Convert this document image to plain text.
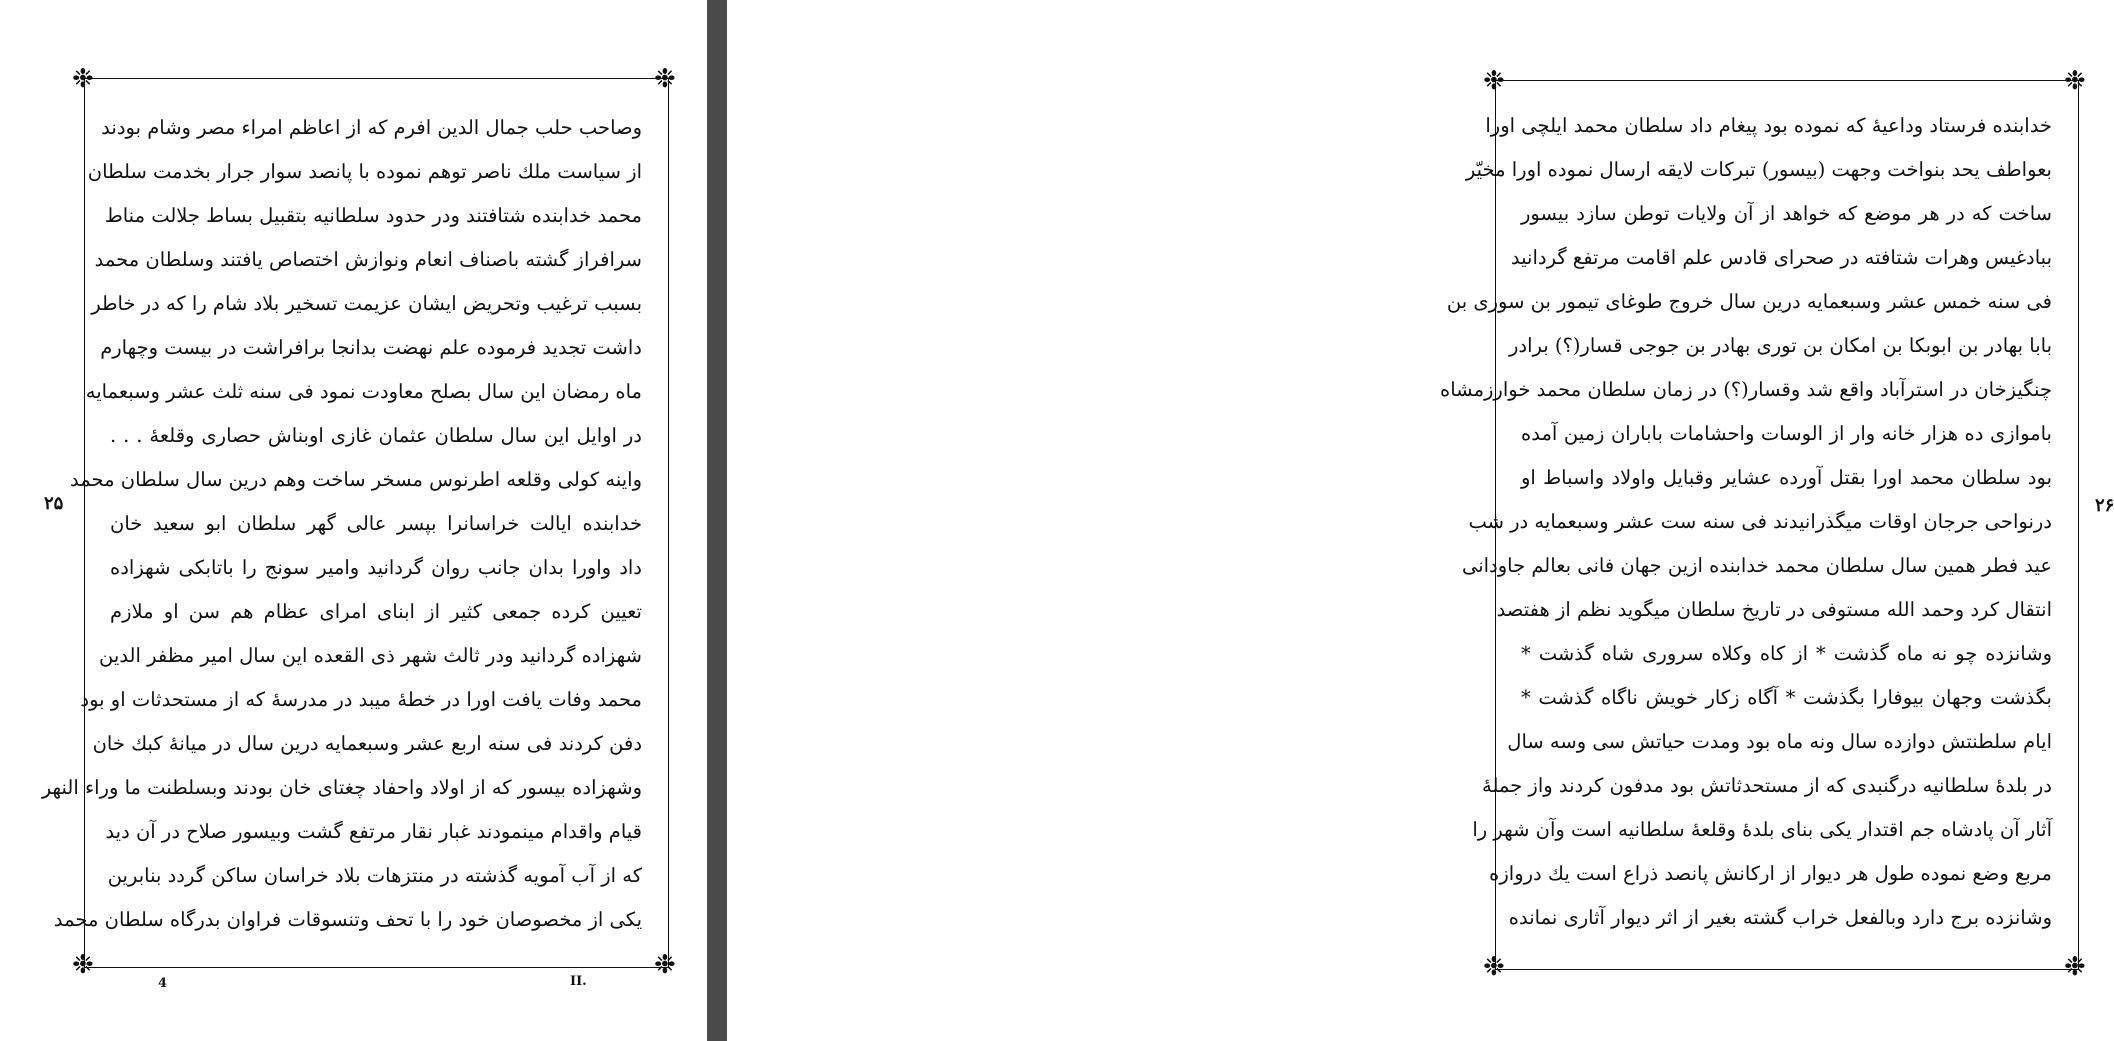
❉	❉
❉	❉
وصاحب حلب جمال الدین افرم که از اعاظم امراء مصر وشام بودند
از سیاست ملك ناصر توهم نموده با پانصد سوار جرار بخدمت سلطان
محمد خدابنده شتافتند ودر حدود سلطانیه بتقبیل بساط جلالت مناط
سرافراز گشته باصناف انعام ونوازش اختصاص یافتند وسلطان محمد
بسبب ترغیب وتحریض ایشان عزیمت تسخیر بلاد شام را که در خاطر
داشت تجدید فرموده علم نهضت بدانجا برافراشت در بیست وچهارم
ماه رمضان این سال بصلح معاودت نمود فی سنه ثلث عشر وسبعمایه
در اوایل این سال سلطان عثمان غازی اوبناش حصاری وقلعهٔ . . .
واینه کولی وقلعه اطرنوس مسخر ساخت وهم درین سال سلطان محمد
خدابنده ایالت خراسانرا بپسر عالی گهر سلطان ابو سعید خان
داد واورا بدان جانب روان گردانید وامیر سونج را باتابکی شهزاده
تعیین کرده جمعی کثیر از ابنای امرای عظام هم سن او ملازم
شهزاده گردانید ودر ثالث شهر ذی القعده این سال امیر مظفر الدین
محمد وفات یافت اورا در خطهٔ میبد در مدرسهٔ که از مستحدثات او بود
دفن کردند فی سنه اربع عشر وسبعمایه درین سال در میانهٔ کبك خان
وشهزاده بیسور که از اولاد واحفاد چغتای خان بودند وبسلطنت ما وراء النهر
قیام واقدام مینمودند غبار نقار مرتفع گشت وبیسور صلاح در آن دید
که از آب آمویه گذشته در منتزهات بلاد خراسان ساکن گردد بنابرین
یکی از مخصوصان خود را با تحف وتنسوقات فراوان بدرگاه سلطان محمد
۲۵
4	II.
❉	❉
❉	❉
خدابنده فرستاد وداعیهٔ که نموده بود پیغام داد سلطان محمد ایلچی اورا
بعواطف یحد بنواخت وجهت (بیسور) تبرکات لایقه ارسال نموده اورا مخیّر
ساخت که در هر موضع که خواهد از آن ولایات توطن سازد بیسور
ببادغیس وهرات شتافته در صحرای قادس علم اقامت مرتفع گردانید
فی سنه خمس عشر وسبعمایه درین سال خروج طوغای تیمور بن سوری بن
بابا بهادر بن ابوبکا بن امکان بن توری بهادر بن جوجی قسار(؟) برادر
چنگیزخان در استرآباد واقع شد وقسار(؟) در زمان سلطان محمد خوارزمشاه
باموازی ده هزار خانه وار از الوسات واحشامات باباران زمین آمده
بود سلطان محمد اورا بقتل آورده عشایر وقبایل واولاد واسباط او
درنواحی جرجان اوقات میگذرانیدند فی سنه ست عشر وسبعمایه در شب
عید فطر همین سال سلطان محمد خدابنده ازین جهان فانی بعالم جاودانی
انتقال کرد وحمد الله مستوفی در تاریخ سلطان میگوید نظم از هفتصد
وشانزده چو نه ماه گذشت * از کاه وکلاه سروری شاه گذشت *
بگذشت وجهان بیوفارا بگذشت * آگاه زکار خویش ناگاه گذشت *
ایام سلطنتش دوازده سال ونه ماه بود ومدت حیاتش سی وسه سال
در بلدهٔ سلطانیه درگنبدی که از مستحدثاتش بود مدفون کردند واز جملهٔ
آثار آن پادشاه جم اقتدار یکی بنای بلدهٔ وقلعهٔ سلطانیه است وآن شهر را
مربع وضع نموده طول هر دیوار از ارکانش پانصد ذراع است یك دروازه
وشانزده برج دارد وبالفعل خراب گشته بغیر از اثر دیوار آثاری نمانده
۲۶
